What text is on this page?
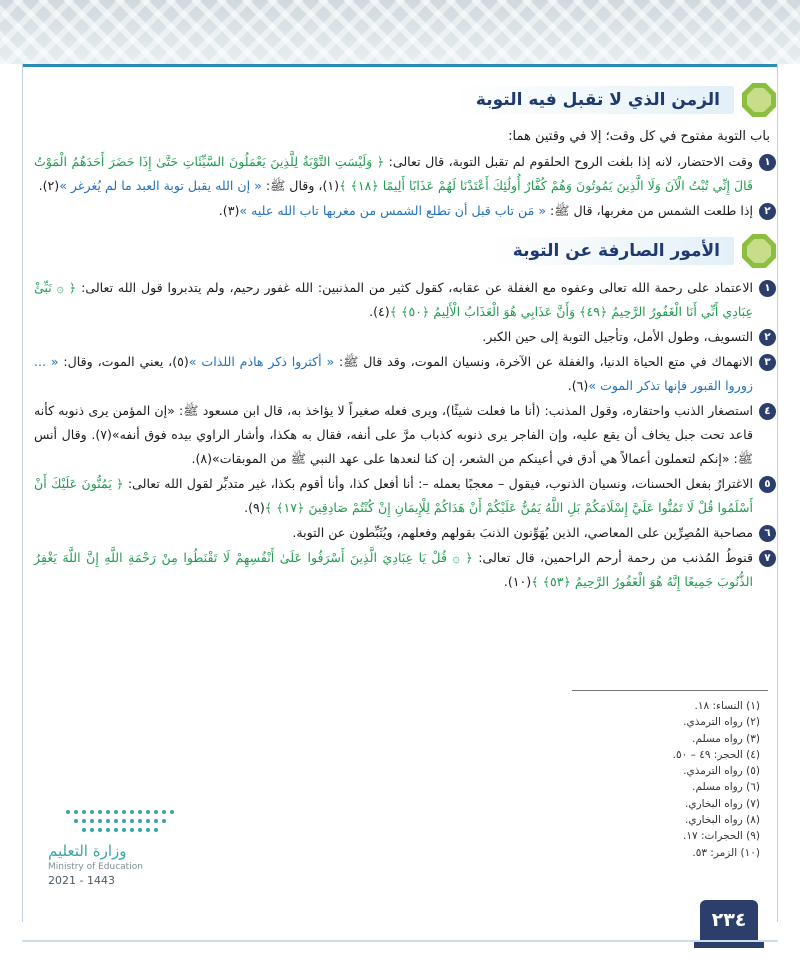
الزمن الذي لا تقبل فيه التوبة
باب التوبة مفتوح في كل وقت؛ إلا في وقتين هما:
١
وقت الاحتضار، لانه إذا بلغت الروح الحلقوم لم تقبل التوبة، قال تعالى: ﴿ وَلَيْسَتِ التَّوْبَةُ لِلَّذِينَ يَعْمَلُونَ السَّيِّئَاتِ حَتَّىٰ إِذَا حَضَرَ أَحَدَهُمُ الْمَوْتُ قَالَ إِنِّي تُبْتُ الْآنَ وَلَا الَّذِينَ يَمُوتُونَ وَهُمْ كُفَّارٌ أُولَٰئِكَ أَعْتَدْنَا لَهُمْ عَذَابًا أَلِيمًا ﴿١٨﴾ ﴾(١)، وقال ﷺ: « إن الله يقبل توبة العبد ما لم يُغرغر »(٢).
٢
إذا طلعت الشمس من مغربها، قال ﷺ: « مَن تاب قبل أن تطلع الشمس من مغربها تاب الله عليه »(٣).
الأمور الصارفة عن التوبة
١
الاعتماد على رحمة الله تعالى وعفوه مع الغفلة عن عقابه، كقول كثير من المذنبين: الله غفور رحيم، ولم يتدبروا قول الله تعالى: ﴿ ۞ نَبِّئْ عِبَادِي أَنِّي أَنَا الْغَفُورُ الرَّحِيمُ ﴿٤٩﴾ وَأَنَّ عَذَابِي هُوَ الْعَذَابُ الْأَلِيمُ ﴿٥٠﴾ ﴾(٤).
٢
التسويف، وطول الأمل، وتأجيل التوبة إلى حين الكبر.
٣
الانهماك في متع الحياة الدنيا، والغفلة عن الآخرة، ونسيان الموت، وقد قال ﷺ: « أكثروا ذكر هاذم اللذات »(٥)، يعني الموت، وقال: « ... زوروا القبور فإنها تذكر الموت »(٦).
٤
استصغار الذنب واحتقاره، وقول المذنب: (أنا ما فعلت شيئًا)، ويرى فعله صغيراً لا يؤاخذ به، قال ابن مسعود ﷺ: «إن المؤمن يرى ذنوبه كأنه قاعد تحت جبل يخاف أن يقع عليه، وإن الفاجر يرى ذنوبه كذباب مرَّ على أنفه، فقال به هكذا، وأشار الراوي بيده فوق أنفه»(٧). وقال أنس ﷺ: «إنكم لتعملون أعمالاً هي أدق في أعينكم من الشعر، إن كنا لنعدها على عهد النبي ﷺ من الموبقات»(٨).
٥
الاغترارُ بفعل الحسنات، ونسيان الذنوب، فيقول – معجبًا بعمله –: أنا أفعل كذا، وأنا أقوم بكذا، غير متدبِّر لقول الله تعالى: ﴿ يَمُنُّونَ عَلَيْكَ أَنْ أَسْلَمُوا قُلْ لَا تَمُنُّوا عَلَيَّ إِسْلَامَكُمْ بَلِ اللَّهُ يَمُنُّ عَلَيْكُمْ أَنْ هَدَاكُمْ لِلْإِيمَانِ إِنْ كُنْتُمْ صَادِقِينَ ﴿١٧﴾ ﴾(٩).
٦
مصاحبة المُصِرِّين على المعاصي، الذين يُهَوِّنون الذنبَ بقولهم وفعلهم، ويُثَبِّطون عن التوبة.
٧
قنوطُ المُذنب من رحمة أرحم الراحمين، قال تعالى: ﴿ ۞ قُلْ يَا عِبَادِيَ الَّذِينَ أَسْرَفُوا عَلَىٰ أَنْفُسِهِمْ لَا تَقْنَطُوا مِنْ رَحْمَةِ اللَّهِ إِنَّ اللَّهَ يَغْفِرُ الذُّنُوبَ جَمِيعًا إِنَّهُ هُوَ الْغَفُورُ الرَّحِيمُ ﴿٥٣﴾ ﴾(١٠).
(١) النساء: ١٨.
(٢) رواه الترمذي.
(٣) رواه مسلم.
(٤) الحجر: ٤٩ – ٥٠.
(٥) رواه الترمذي.
(٦) رواه مسلم.
(٧) رواه البخاري.
(٨) رواه البخاري.
(٩) الحجرات: ١٧.
(١٠) الزمر: ٥٣.
وزارة التعليم
Ministry of Education
2021 - 1443
٢٣٤
